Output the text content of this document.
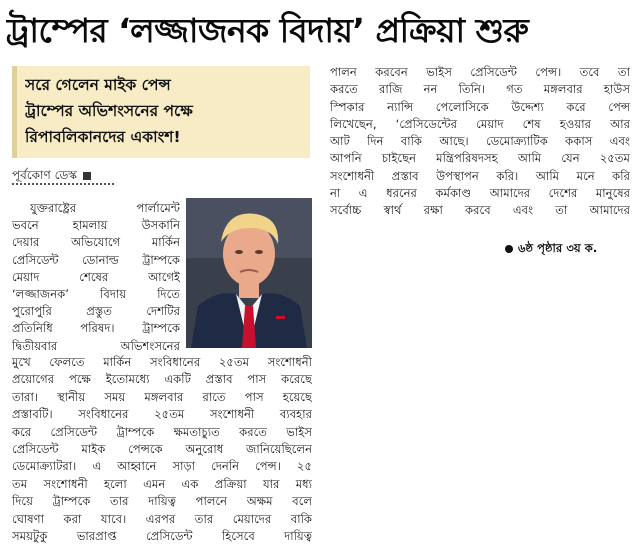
ট্রাম্পের ‘লজ্জাজনক বিদায়’ প্রক্রিয়া শুরু
সরে গেলেন মাইক পেন্স
ট্রাম্পের অভিশংসনের পক্ষে
রিপাবলিকানদের একাংশ!
পূর্বকোণ ডেস্ক
যুক্তরাষ্ট্রের পার্লামেন্ট
ভবনে হামলায় উসকানি
দেয়ার অভিযোগে মার্কিন
প্রেসিডেন্ট ডোনাল্ড ট্রাম্পকে
মেয়াদ শেষের আগেই
‘লজ্জাজনক’ বিদায় দিতে
পুরোপুরি প্রস্তুত দেশটির
প্রতিনিধি পরিষদ। ট্রাম্পকে
দ্বিতীয়বার অভিশংসনের
মুখে ফেলতে মার্কিন সংবিধানের ২৫তম সংশোধনী
প্রয়োগের পক্ষে ইতোমধ্যে একটি প্রস্তাব পাস করেছে
তারা। স্থানীয় সময় মঙ্গলবার রাতে পাস হয়েছে
প্রস্তাবটি। সংবিধানের ২৫তম সংশোধনী ব্যবহার
করে প্রেসিডেন্ট ট্রাম্পকে ক্ষমতাচ্যুত করতে ভাইস
প্রেসিডেন্ট মাইক পেন্সকে অনুরোধ জানিয়েছিলেন
ডেমোক্র্যাটরা। এ আহ্বানে সাড়া দেননি পেন্স। ২৫
তম সংশোধনী হলো এমন এক প্রক্রিয়া যার মধ্য
দিয়ে ট্রাম্পকে তার দায়িত্ব পালনে অক্ষম বলে
ঘোষণা করা যাবে। এরপর তার মেয়াদের বাকি
সময়টুকু ভারপ্রাপ্ত প্রেসিডেন্ট হিসেবে দায়িত্ব
পালন করবেন ভাইস প্রেসিডেন্ট পেন্স। তবে তা
করতে রাজি নন তিনি। গত মঙ্গলবার হাউস
স্পিকার ন্যান্সি পেলোসিকে উদ্দেশ্য করে পেন্স
লিখেছেন, ‘প্রেসিডেন্টের মেয়াদ শেষ হওয়ার আর
আট দিন বাকি আছে। ডেমোক্র্যাটিক ককাস এবং
আপনি চাইছেন মন্ত্রিপরিষদসহ আমি যেন ২৫তম
সংশোধনী প্রস্তাব উপস্থাপন করি। আমি মনে করি
না এ ধরনের কর্মকাণ্ড আমাদের দেশের মানুষের
সর্বোচ্চ স্বার্থ রক্ষা করবে এবং তা আমাদের
৬ষ্ঠ পৃষ্ঠার ৩য় ক.
